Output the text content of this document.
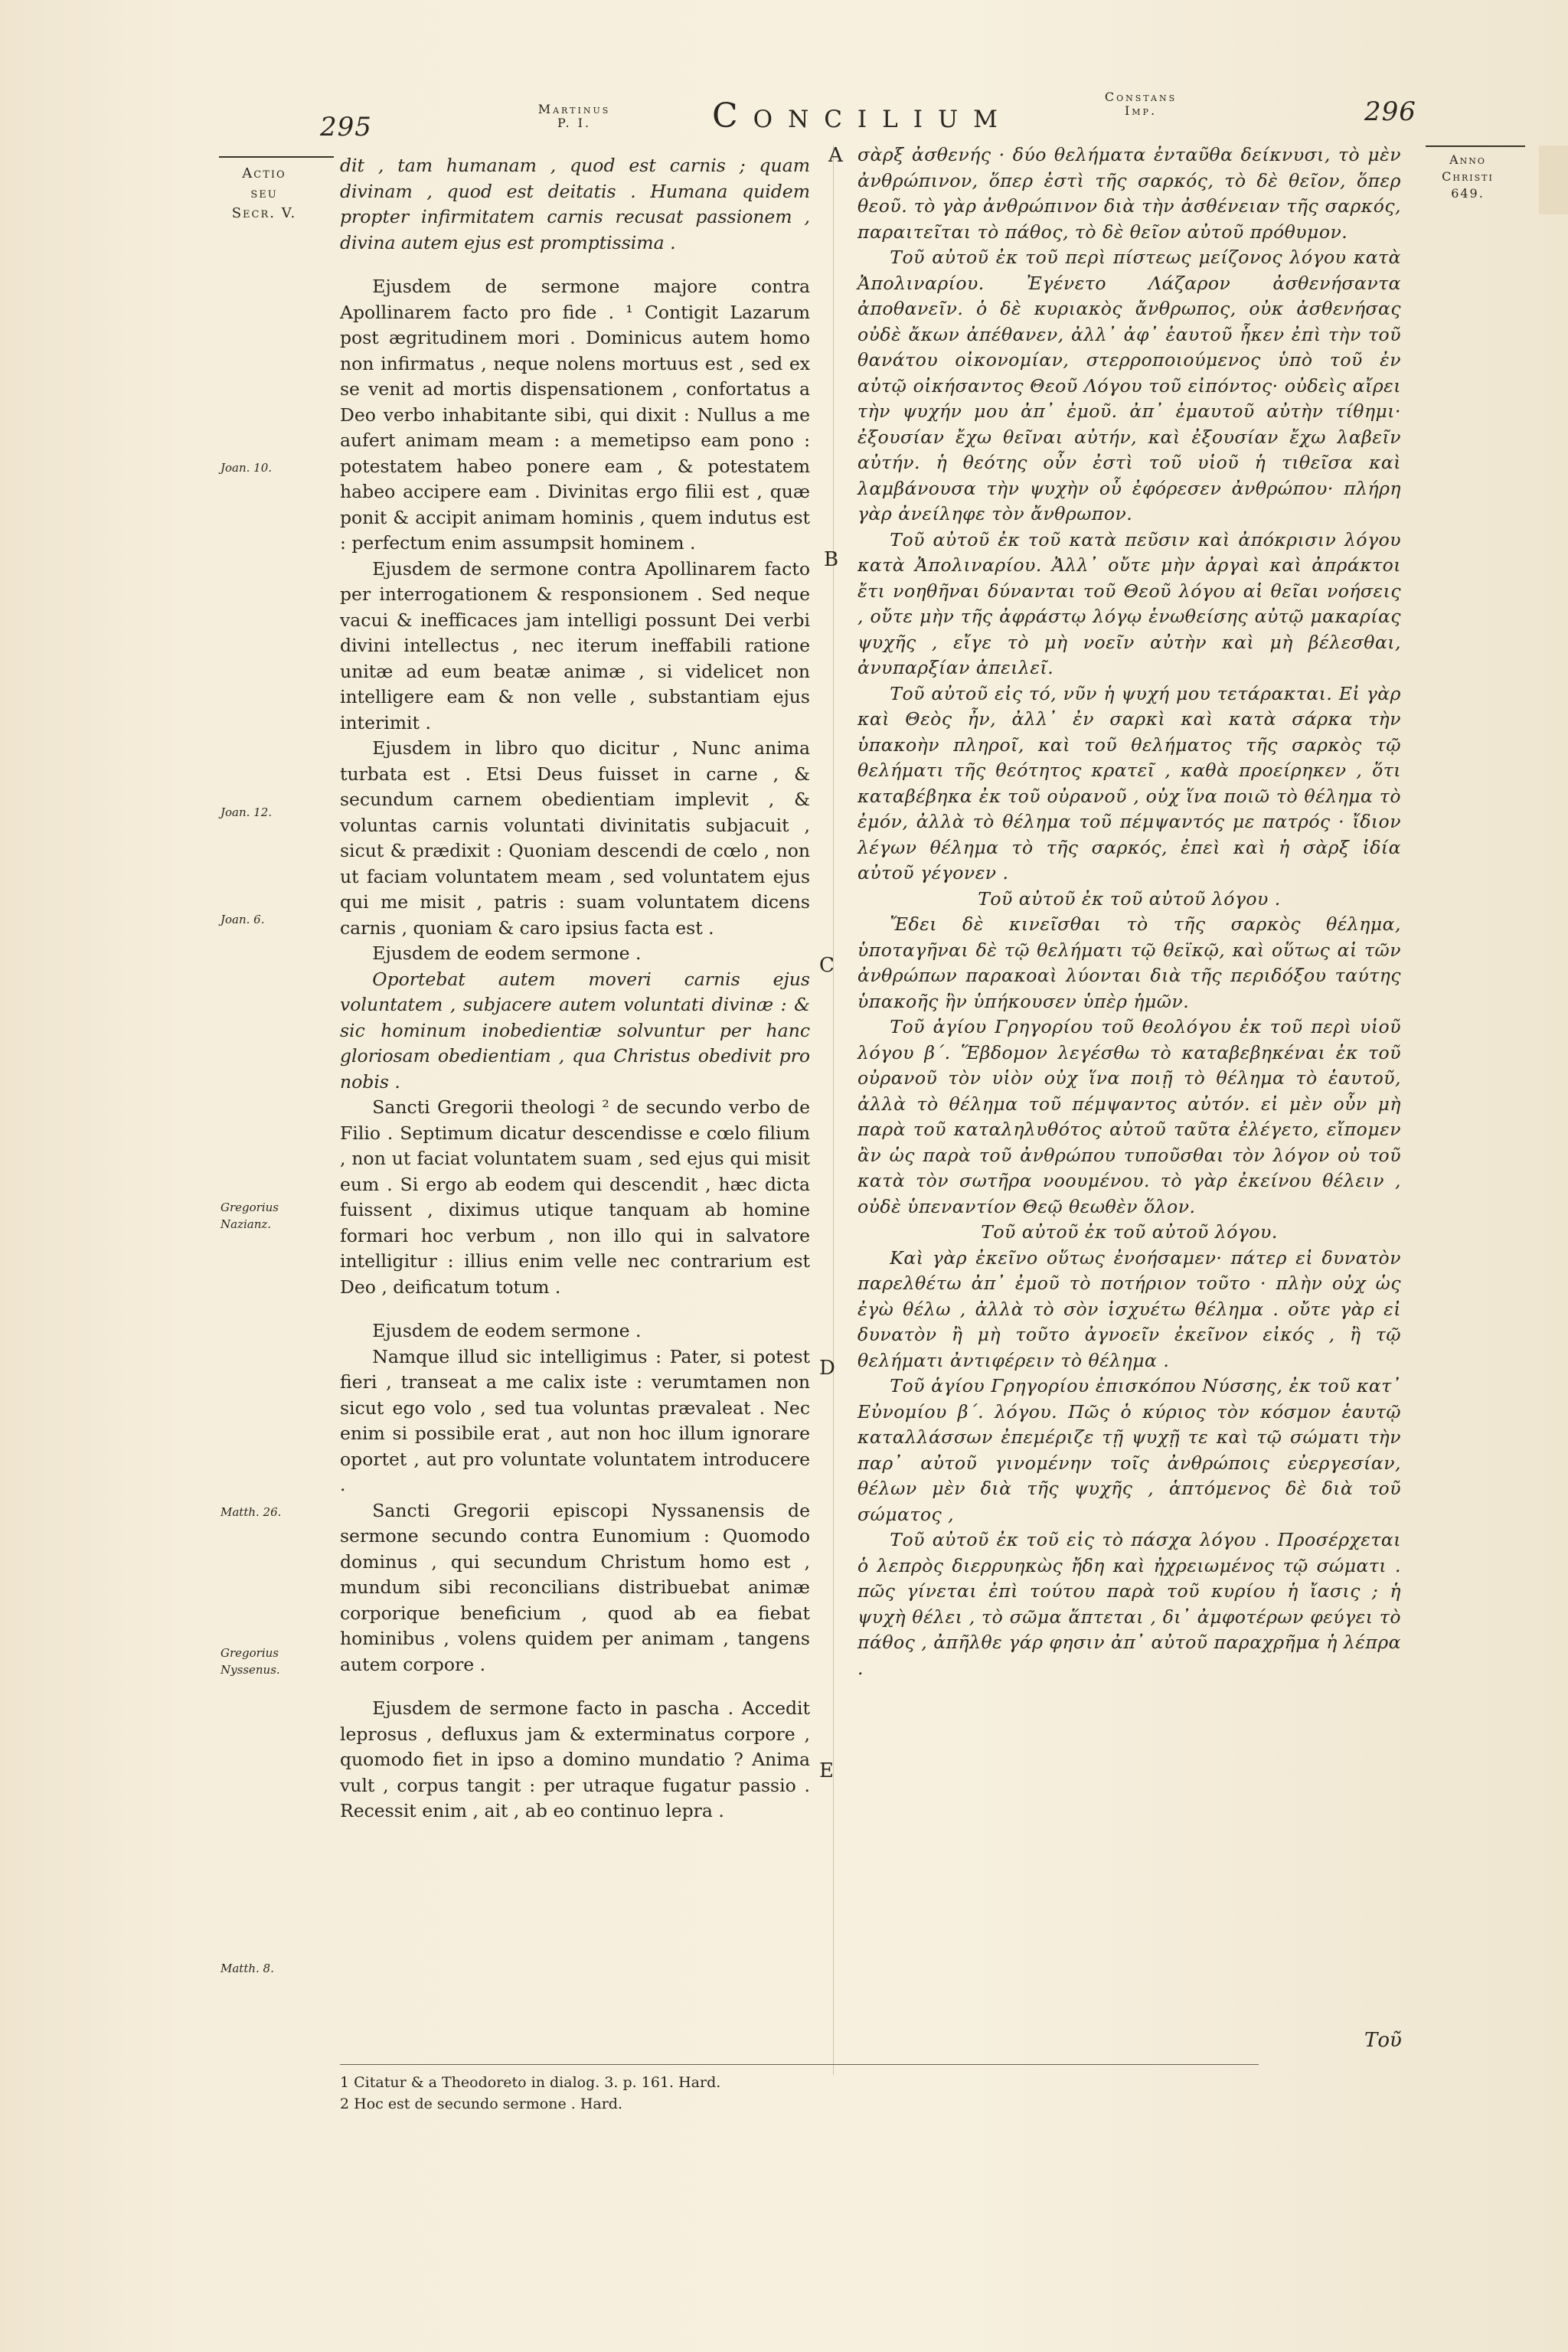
295
Martinus P. I.	Concilium	Constans Imp.	296
Actio seu Secr. V.
Joan. 10.
Joan. 12.
Joan. 6.
Gregorius Nazianz.
Matth. 26.
Gregorius Nyssenus.
Matth. 8.
Anno Christi 649.
A
B
C
D
E

dit , tam humanam , quod est carnis ; quam divinam , quod est deitatis . Humana quidem propter infirmitatem carnis recusat passionem , divina autem ejus est promptissima .

Ejusdem de sermone majore contra Apollinarem facto pro fide . ¹ Contigit Lazarum post ægritudinem mori . Dominicus autem homo non infirmatus , neque nolens mortuus est , sed ex se venit ad mortis dispensationem , confortatus a Deo verbo inhabitante sibi, qui dixit : Nullus a me aufert animam meam : a memetipso eam pono : potestatem habeo ponere eam , & potestatem habeo accipere eam . Divinitas ergo filii est , quæ ponit & accipit animam hominis , quem indutus est : perfectum enim assumpsit hominem .

Ejusdem de sermone contra Apollinarem facto per interrogationem & responsionem . Sed neque vacui & inefficaces jam intelligi possunt Dei verbi divini intellectus , nec iterum ineffabili ratione unitæ ad eum beatæ animæ , si videlicet non intelligere eam & non velle , substantiam ejus interimit .

Ejusdem in libro quo dicitur , Nunc anima turbata est . Etsi Deus fuisset in carne , & secundum carnem obedientiam implevit , & voluntas carnis voluntati divinitatis subjacuit , sicut & prædixit : Quoniam descendi de cœlo , non ut faciam voluntatem meam , sed voluntatem ejus qui me misit , patris : suam voluntatem dicens carnis , quoniam & caro ipsius facta est .

Ejusdem de eodem sermone .

Oportebat autem moveri carnis ejus voluntatem , subjacere autem voluntati divinæ : & sic hominum inobedientiæ solvuntur per hanc gloriosam obedientiam , qua Christus obedivit pro nobis .

Sancti Gregorii theologi ² de secundo verbo de Filio . Septimum dicatur descendisse e cœlo filium , non ut faciat voluntatem suam , sed ejus qui misit eum . Si ergo ab eodem qui descendit , hæc dicta fuissent , diximus utique tanquam ab homine formari hoc verbum , non illo qui in salvatore intelligitur : illius enim velle nec contrarium est Deo , deificatum totum .

Ejusdem de eodem sermone .

Namque illud sic intelligimus : Pater, si potest fieri , transeat a me calix iste : verumtamen non sicut ego volo , sed tua voluntas prævaleat . Nec enim si possibile erat , aut non hoc illum ignorare oportet , aut pro voluntate voluntatem introducere .

Sancti Gregorii episcopi Nyssanensis de sermone secundo contra Eunomium : Quomodo dominus , qui secundum Christum homo est , mundum sibi reconcilians distribuebat animæ corporique beneficium , quod ab ea fiebat hominibus , volens quidem per animam , tangens autem corpore .

Ejusdem de sermone facto in pascha . Accedit leprosus , defluxus jam & exterminatus corpore , quomodo fiet in ipso a domino mundatio ? Anima vult , corpus tangit : per utraque fugatur passio . Recessit enim , ait , ab eo continuo lepra .

σὰρξ ἀσθενής · δύο θελήματα ἐνταῦθα δείκνυσι, τὸ μὲν ἀνθρώπινον, ὅπερ ἐστὶ τῆς σαρκός, τὸ δὲ θεῖον, ὅπερ θεοῦ. τὸ γὰρ ἀνθρώπινον διὰ τὴν ἀσθένειαν τῆς σαρκός, παραιτεῖται τὸ πάθος, τὸ δὲ θεῖον αὐτοῦ πρόθυμον.

Τοῦ αὐτοῦ ἐκ τοῦ περὶ πίστεως μείζονος λόγου κατὰ Ἀπολιναρίου. Ἐγένετο Λάζαρον ἀσθενήσαντα ἀποθανεῖν. ὁ δὲ κυριακὸς ἄνθρωπος, οὐκ ἀσθενήσας οὐδὲ ἄκων ἀπέθανεν, ἀλλ᾽ ἀφ᾽ ἑαυτοῦ ἧκεν ἐπὶ τὴν τοῦ θανάτου οἰκονομίαν, στερροποιούμενος ὑπὸ τοῦ ἐν αὐτῷ οἰκήσαντος Θεοῦ Λόγου τοῦ εἰπόντος· οὐδεὶς αἴρει τὴν ψυχήν μου ἀπ᾽ ἐμοῦ. ἀπ᾽ ἐμαυτοῦ αὐτὴν τίθημι· ἐξουσίαν ἔχω θεῖναι αὐτήν, καὶ ἐξουσίαν ἔχω λαβεῖν αὐτήν. ἡ θεότης οὖν ἐστὶ τοῦ υἱοῦ ἡ τιθεῖσα καὶ λαμβάνουσα τὴν ψυχὴν οὗ ἐφόρεσεν ἀνθρώπου· πλήρη γὰρ ἀνείληφε τὸν ἄνθρωπον.

Τοῦ αὐτοῦ ἐκ τοῦ κατὰ πεῦσιν καὶ ἀπόκρισιν λόγου κατὰ Ἀπολιναρίου. Ἀλλ᾽ οὔτε μὴν ἀργαὶ καὶ ἀπράκτοι ἔτι νοηθῆναι δύνανται τοῦ Θεοῦ λόγου αἱ θεῖαι νοήσεις , οὔτε μὴν τῆς ἀφράστῳ λόγῳ ἑνωθείσης αὐτῷ μακαρίας ψυχῆς , εἴγε τὸ μὴ νοεῖν αὐτὴν καὶ μὴ βέλεσθαι, ἀνυπαρξίαν ἀπειλεῖ.

Τοῦ αὐτοῦ εἰς τό, νῦν ἡ ψυχή μου τετάρακται. Εἰ γὰρ καὶ Θεὸς ἦν, ἀλλ᾽ ἐν σαρκὶ καὶ κατὰ σάρκα τὴν ὑπακοὴν πληροῖ, καὶ τοῦ θελήματος τῆς σαρκὸς τῷ θελήματι τῆς θεότητος κρατεῖ , καθὰ προείρηκεν , ὅτι καταβέβηκα ἐκ τοῦ οὐρανοῦ , οὐχ ἵνα ποιῶ τὸ θέλημα τὸ ἐμόν, ἀλλὰ τὸ θέλημα τοῦ πέμψαντός με πατρός · ἴδιον λέγων θέλημα τὸ τῆς σαρκός, ἐπεὶ καὶ ἡ σὰρξ ἰδία αὐτοῦ γέγονεν .

Τοῦ αὐτοῦ ἐκ τοῦ αὐτοῦ λόγου .

Ἔδει δὲ κινεῖσθαι τὸ τῆς σαρκὸς θέλημα, ὑποταγῆναι δὲ τῷ θελήματι τῷ θεϊκῷ, καὶ οὕτως αἱ τῶν ἀνθρώπων παρακοαὶ λύονται διὰ τῆς περιδόξου ταύτης ὑπακοῆς ἣν ὑπήκουσεν ὑπὲρ ἡμῶν.

Τοῦ ἁγίου Γρηγορίου τοῦ θεολόγου ἐκ τοῦ περὶ υἱοῦ λόγου β΄. Ἕβδομον λεγέσθω τὸ καταβεβηκέναι ἐκ τοῦ οὐρανοῦ τὸν υἱὸν οὐχ ἵνα ποιῇ τὸ θέλημα τὸ ἑαυτοῦ, ἀλλὰ τὸ θέλημα τοῦ πέμψαντος αὐτόν. εἰ μὲν οὖν μὴ παρὰ τοῦ καταληλυθότος αὐτοῦ ταῦτα ἐλέγετο, εἴπομεν ἂν ὡς παρὰ τοῦ ἀνθρώπου τυποῦσθαι τὸν λόγον οὐ τοῦ κατὰ τὸν σωτῆρα νοουμένου. τὸ γὰρ ἐκείνου θέλειν , οὐδὲ ὑπεναντίον Θεῷ θεωθὲν ὅλον.

Τοῦ αὐτοῦ ἐκ τοῦ αὐτοῦ λόγου.

Καὶ γὰρ ἐκεῖνο οὕτως ἐνοήσαμεν· πάτερ εἰ δυνατὸν παρελθέτω ἀπ᾽ ἐμοῦ τὸ ποτήριον τοῦτο · πλὴν οὐχ ὡς ἐγὼ θέλω , ἀλλὰ τὸ σὸν ἰσχυέτω θέλημα . οὔτε γὰρ εἰ δυνατὸν ἢ μὴ τοῦτο ἀγνοεῖν ἐκεῖνον εἰκός , ἢ τῷ θελήματι ἀντιφέρειν τὸ θέλημα .

Τοῦ ἁγίου Γρηγορίου ἐπισκόπου Νύσσης, ἐκ τοῦ κατ᾽ Εὐνομίου β΄. λόγου. Πῶς ὁ κύριος τὸν κόσμον ἑαυτῷ καταλλάσσων ἐπεμέριζε τῇ ψυχῇ τε καὶ τῷ σώματι τὴν παρ᾽ αὐτοῦ γινομένην τοῖς ἀνθρώποις εὐεργεσίαν, θέλων μὲν διὰ τῆς ψυχῆς , ἁπτόμενος δὲ διὰ τοῦ σώματος ,

Τοῦ αὐτοῦ ἐκ τοῦ εἰς τὸ πάσχα λόγου . Προσέρχεται ὁ λεπρὸς διερρυηκὼς ἤδη καὶ ἠχρειωμένος τῷ σώματι . πῶς γίνεται ἐπὶ τούτου παρὰ τοῦ κυρίου ἡ ἴασις ; ἡ ψυχὴ θέλει , τὸ σῶμα ἅπτεται , δι᾽ ἀμφοτέρων φεύγει τὸ πάθος , ἀπῆλθε γάρ φησιν ἀπ᾽ αὐτοῦ παραχρῆμα ἡ λέπρα .

Τοῦ
1 Citatur & a Theodoreto in dialog. 3. p. 161. Hard.
2 Hoc est de secundo sermone . Hard.
